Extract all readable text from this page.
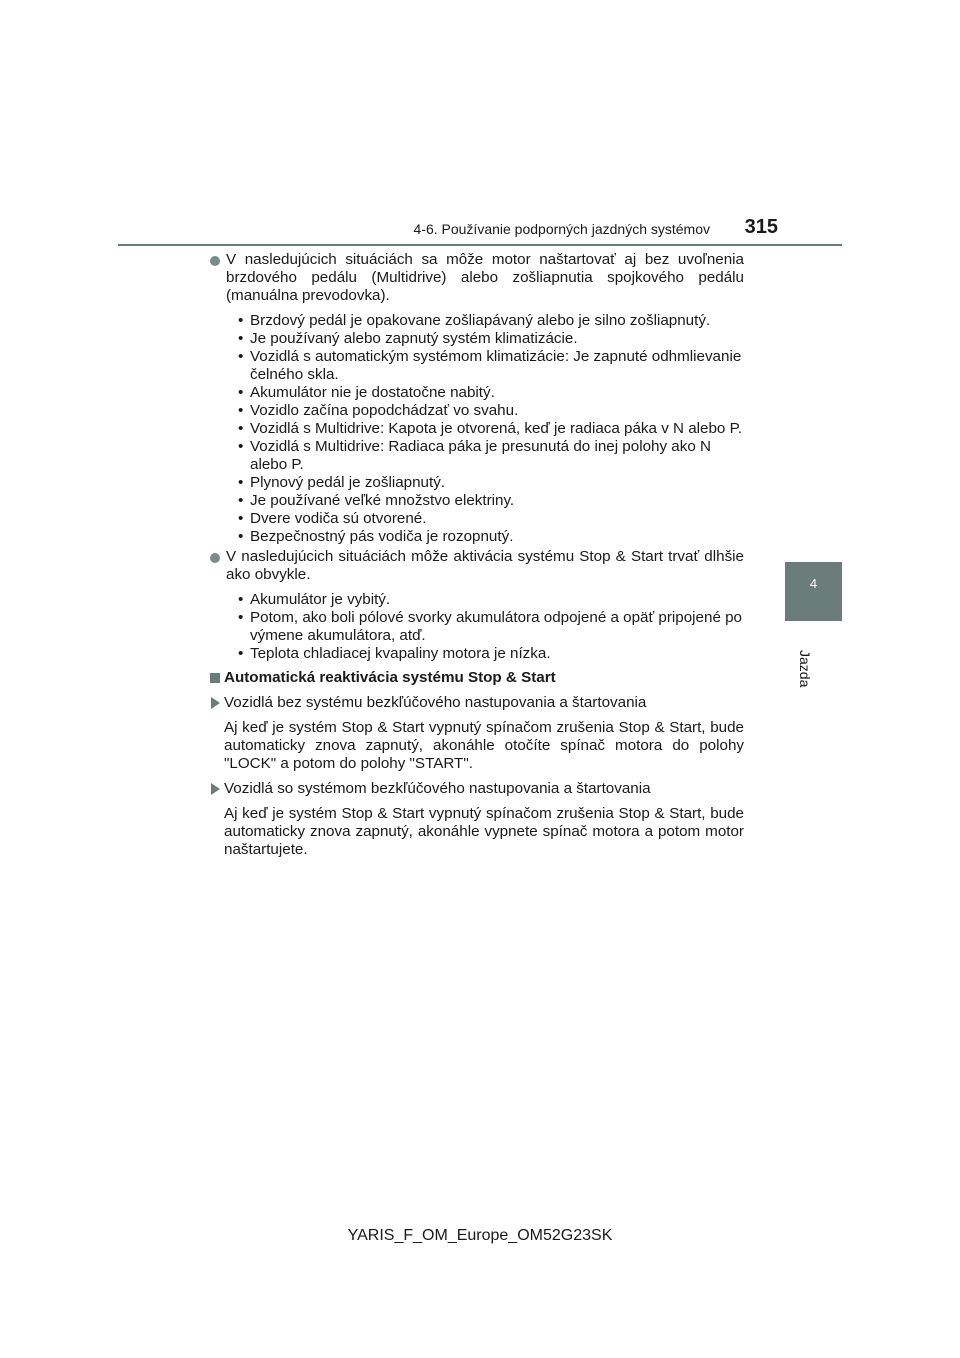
4-6. Používanie podporných jazdných systémov	315
4
Jazda
V nasledujúcich situáciách sa môže motor naštartovať aj bez uvoľnenia brzdového pedálu (Multidrive) alebo zošliapnutia spojkového pedálu (manuálna prevodovka).
• Brzdový pedál je opakovane zošliapávaný alebo je silno zošliapnutý.
• Je používaný alebo zapnutý systém klimatizácie.
• Vozidlá s automatickým systémom klimatizácie: Je zapnuté odhmlievanie čelného skla.
• Akumulátor nie je dostatočne nabitý.
• Vozidlo začína popodchádzať vo svahu.
• Vozidlá s Multidrive: Kapota je otvorená, keď je radiaca páka v N alebo P.
• Vozidlá s Multidrive: Radiaca páka je presunutá do inej polohy ako N alebo P.
• Plynový pedál je zošliapnutý.
• Je používané veľké množstvo elektriny.
• Dvere vodiča sú otvorené.
• Bezpečnostný pás vodiča je rozopnutý.
V nasledujúcich situáciách môže aktivácia systému Stop & Start trvať dlhšie ako obvykle.
• Akumulátor je vybitý.
• Potom, ako boli pólové svorky akumulátora odpojené a opäť pripojené po výmene akumulátora, atď.
• Teplota chladiacej kvapaliny motora je nízka.
Automatická reaktivácia systému Stop & Start
Vozidlá bez systému bezkľúčového nastupovania a štartovania
Aj keď je systém Stop & Start vypnutý spínačom zrušenia Stop & Start, bude automaticky znova zapnutý, akonáhle otočíte spínač motora do polohy "LOCK" a potom do polohy "START".
Vozidlá so systémom bezkľúčového nastupovania a štartovania
Aj keď je systém Stop & Start vypnutý spínačom zrušenia Stop & Start, bude automaticky znova zapnutý, akonáhle vypnete spínač motora a potom motor naštartujete.
YARIS_F_OM_Europe_OM52G23SK
